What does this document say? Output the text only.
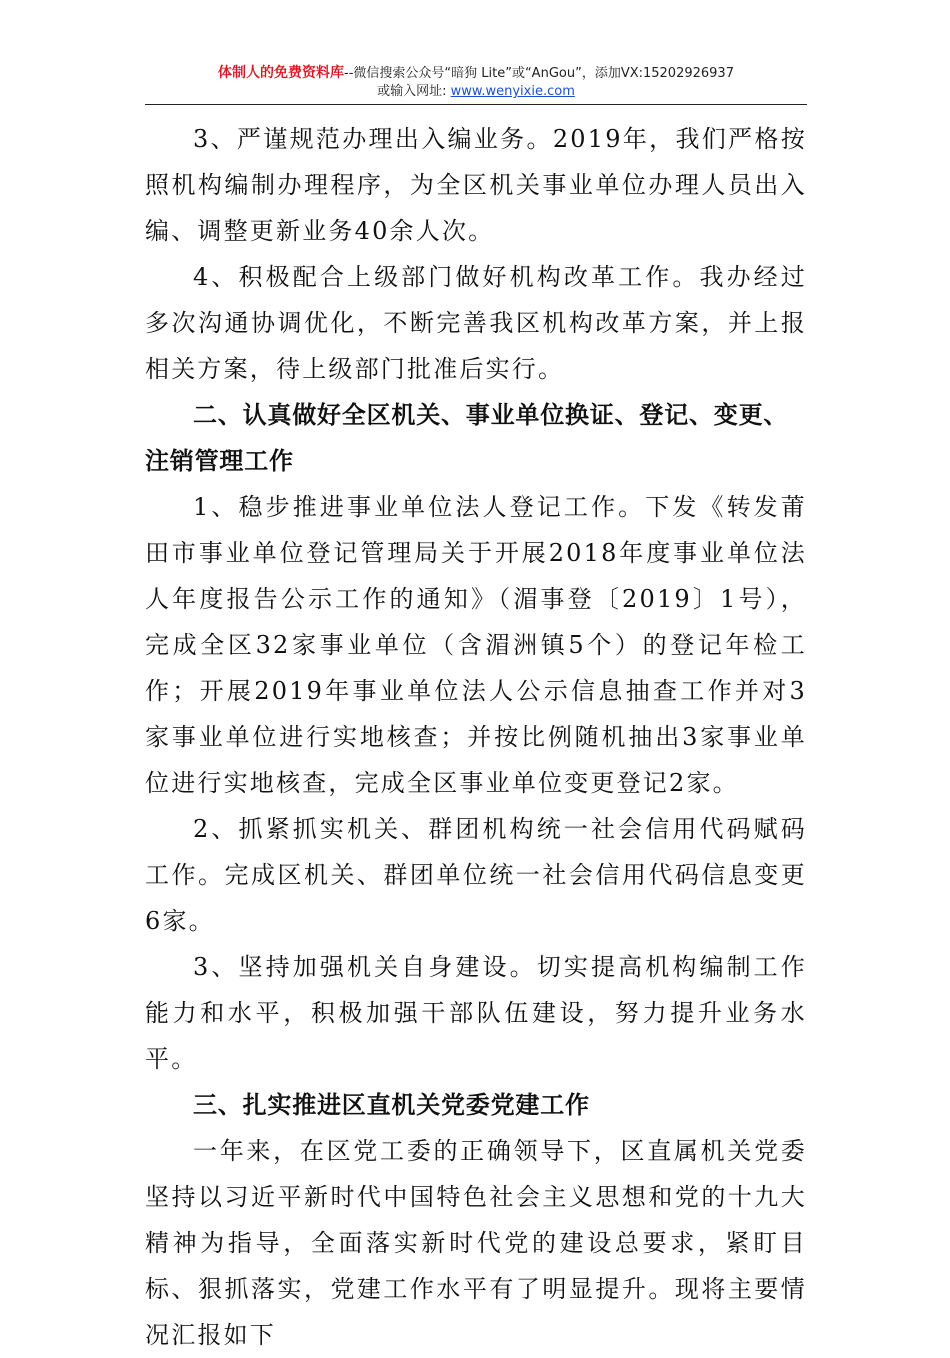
体制人的免费资料库--微信搜索公众号“暗狗 Lite”或“AnGou”，添加VX:15202926937
或输入网址: www.wenyixie.com

3、严谨规范办理出入编业务。2019年，我们严格按照机构编制办理程序，为全区机关事业单位办理人员出入编、调整更新业务40余人次。

4、积极配合上级部门做好机构改革工作。我办经过多次沟通协调优化，不断完善我区机构改革方案，并上报相关方案，待上级部门批准后实行。

二、认真做好全区机关、事业单位换证、登记、变更、注销管理工作

1、稳步推进事业单位法人登记工作。下发《转发莆田市事业单位登记管理局关于开展2018年度事业单位法人年度报告公示工作的通知》（湄事登〔2019〕1号），完成全区32家事业单位（含湄洲镇5个）的登记年检工作；开展2019年事业单位法人公示信息抽查工作并对3家事业单位进行实地核查；并按比例随机抽出3家事业单位进行实地核查，完成全区事业单位变更登记2家。

2、抓紧抓实机关、群团机构统一社会信用代码赋码工作。完成区机关、群团单位统一社会信用代码信息变更6家。

3、坚持加强机关自身建设。切实提高机构编制工作能力和水平，积极加强干部队伍建设，努力提升业务水平。

三、扎实推进区直机关党委党建工作

一年来，在区党工委的正确领导下，区直属机关党委坚持以习近平新时代中国特色社会主义思想和党的十九大精神为指导，全面落实新时代党的建设总要求，紧盯目标、狠抓落实，党建工作水平有了明显提升。现将主要情况汇报如下
